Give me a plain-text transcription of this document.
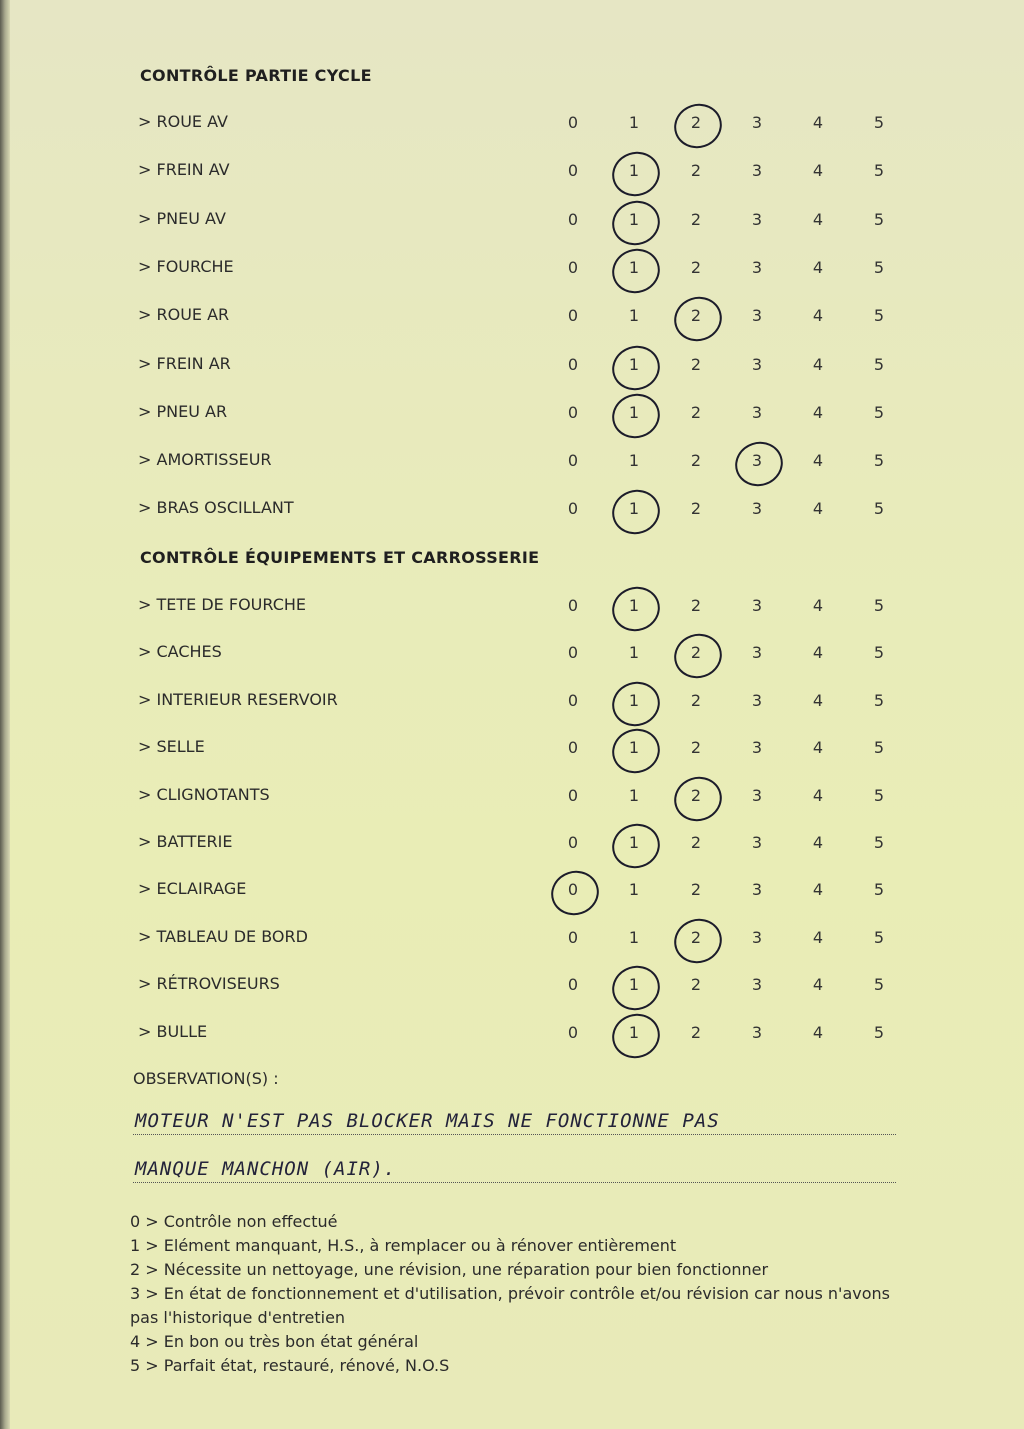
CONTRÔLE PARTIE CYCLE
> ROUE AV	0	1	2	3	4	5
> FREIN AV	0	1	2	3	4	5
> PNEU AV	0	1	2	3	4	5
> FOURCHE	0	1	2	3	4	5
> ROUE AR	0	1	2	3	4	5
> FREIN AR	0	1	2	3	4	5
> PNEU AR	0	1	2	3	4	5
> AMORTISSEUR	0	1	2	3	4	5
> BRAS OSCILLANT	0	1	2	3	4	5
CONTRÔLE ÉQUIPEMENTS ET CARROSSERIE
> TETE DE FOURCHE	0	1	2	3	4	5
> CACHES	0	1	2	3	4	5
> INTERIEUR RESERVOIR	0	1	2	3	4	5
> SELLE	0	1	2	3	4	5
> CLIGNOTANTS	0	1	2	3	4	5
> BATTERIE	0	1	2	3	4	5
> ECLAIRAGE	0	1	2	3	4	5
> TABLEAU DE BORD	0	1	2	3	4	5
> RÉTROVISEURS	0	1	2	3	4	5
> BULLE	0	1	2	3	4	5
OBSERVATION(S) :
MOTEUR N'EST PAS BLOCKER MAIS NE FONCTIONNE PAS
MANQUE MANCHON (AIR).

0 > Contrôle non effectué

1 > Elément manquant, H.S., à remplacer ou à rénover entièrement

2 > Nécessite un nettoyage, une révision, une réparation pour bien fonctionner

3 > En état de fonctionnement et d'utilisation, prévoir contrôle et/ou révision car nous n'avons pas l'historique d'entretien

4 > En bon ou très bon état général

5 > Parfait état, restauré, rénové, N.O.S
